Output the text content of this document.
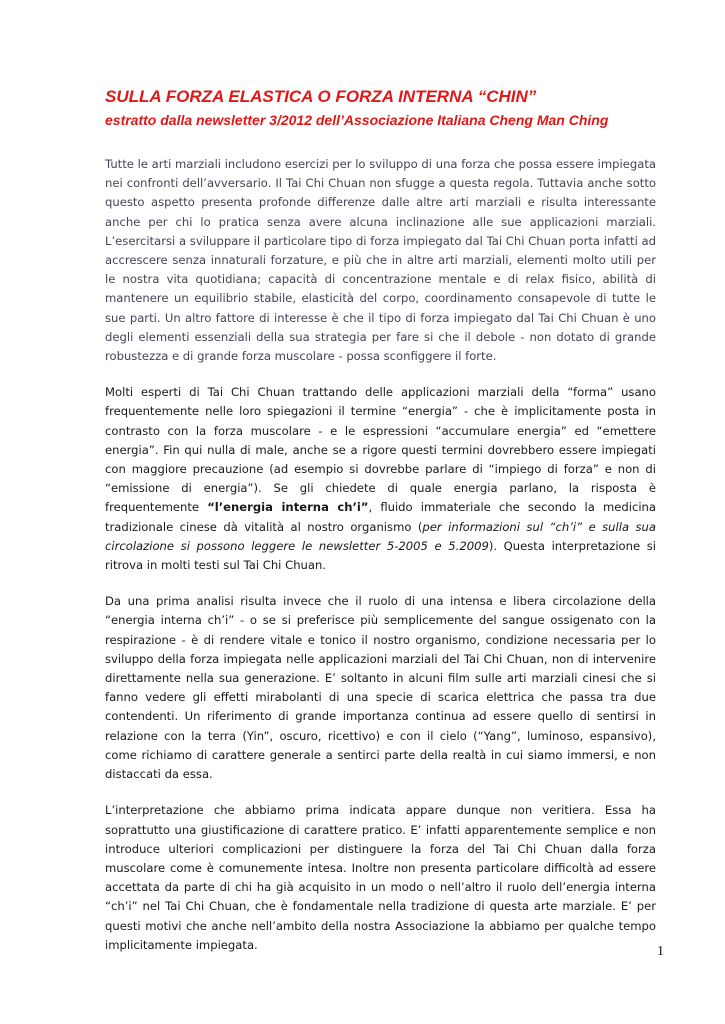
SULLA FORZA ELASTICA O FORZA INTERNA “CHIN”
estratto dalla newsletter 3/2012 dell’Associazione Italiana Cheng Man Ching

Tutte le arti marziali includono esercizi per lo sviluppo di una forza che possa essere impiegata nei confronti dell’avversario. Il Tai Chi Chuan non sfugge a questa regola. Tuttavia anche sotto questo aspetto presenta profonde differenze dalle altre arti marziali e risulta interessante anche per chi lo pratica senza avere alcuna inclinazione alle sue applicazioni marziali. L’esercitarsi a sviluppare il particolare tipo di forza impiegato dal Tai Chi Chuan porta infatti ad accrescere senza innaturali forzature, e più che in altre arti marziali, elementi molto utili per le nostra vita quotidiana; capacità di concentrazione mentale e di relax fisico, abilità di mantenere un equilibrio stabile, elasticità del corpo, coordinamento consapevole di tutte le sue parti. Un altro fattore di interesse è che il tipo di forza impiegato dal Tai Chi Chuan è uno degli elementi essenziali della sua strategia per fare si che il debole - non dotato di grande robustezza e di grande forza muscolare - possa sconfiggere il forte.

Molti esperti di Tai Chi Chuan trattando delle applicazioni marziali della “forma” usano frequentemente nelle loro spiegazioni il termine “energia” - che è implicitamente posta in contrasto con la forza muscolare - e le espressioni “accumulare energia” ed “emettere energia”. Fin qui nulla di male, anche se a rigore questi termini dovrebbero essere impiegati con maggiore precauzione (ad esempio si dovrebbe parlare di “impiego di forza” e non di “emissione di energia”). Se gli chiedete di quale energia parlano, la risposta è frequentemente “l’energia interna ch’i”, fluido immateriale che secondo la medicina tradizionale cinese dà vitalità al nostro organismo (per informazioni sul “ch’i” e sulla sua circolazione si possono leggere le newsletter 5-2005 e 5.2009). Questa interpretazione si ritrova in molti testi sul Tai Chi Chuan.

Da una prima analisi risulta invece che il ruolo di una intensa e libera circolazione della “energia interna ch’i” - o se si preferisce più semplicemente del sangue ossigenato con la respirazione - è di rendere vitale e tonico il nostro organismo, condizione necessaria per lo sviluppo della forza impiegata nelle applicazioni marziali del Tai Chi Chuan, non di intervenire direttamente nella sua generazione. E’ soltanto in alcuni film sulle arti marziali cinesi che si fanno vedere gli effetti mirabolanti di una specie di scarica elettrica che passa tra due contendenti. Un riferimento di grande importanza continua ad essere quello di sentirsi in relazione con la terra (Yin”, oscuro, ricettivo) e con il cielo (“Yang”, luminoso, espansivo), come richiamo di carattere generale a sentirci parte della realtà in cui siamo immersi, e non distaccati da essa.

L’interpretazione che abbiamo prima indicata appare dunque non veritiera. Essa ha soprattutto una giustificazione di carattere pratico. E’ infatti apparentemente semplice e non introduce ulteriori complicazioni per distinguere la forza del Tai Chi Chuan dalla forza muscolare come è comunemente intesa. Inoltre non presenta particolare difficoltà ad essere accettata da parte di chi ha già acquisito in un modo o nell’altro il ruolo dell’energia interna “ch’i” nel Tai Chi Chuan, che è fondamentale nella tradizione di questa arte marziale. E’ per questi motivi che anche nell’ambito della nostra Associazione la abbiamo per qualche tempo implicitamente impiegata.	1
